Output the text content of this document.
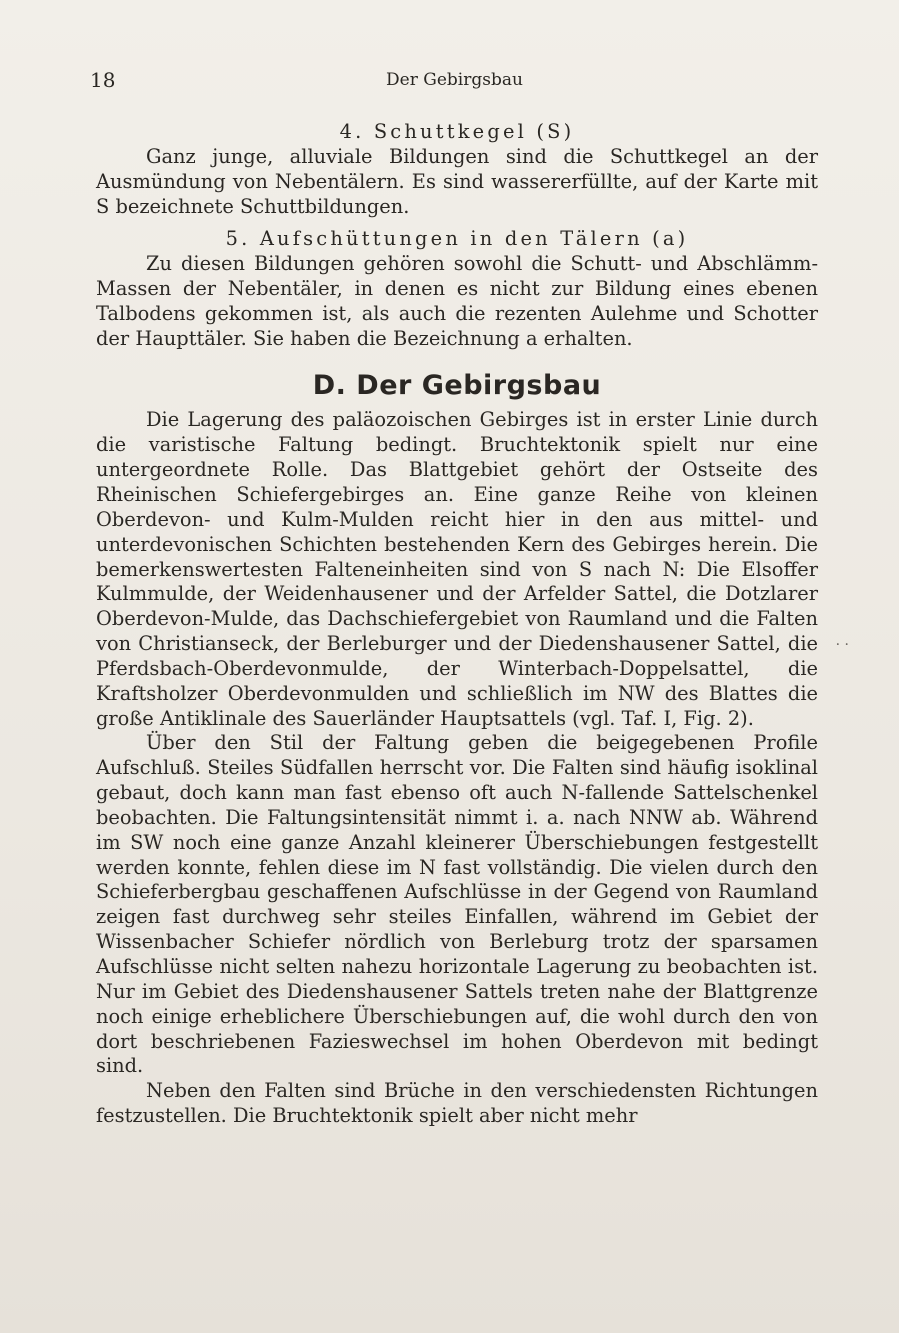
18	Der Gebirgsbau

4. Schuttkegel (S)

Ganz junge, alluviale Bildungen sind die Schuttkegel an der Ausmündung von Nebentälern. Es sind wassererfüllte, auf der Karte mit S bezeichnete Schuttbildungen.

5. Aufschüttungen in den Tälern (a)

Zu diesen Bildungen gehören sowohl die Schutt- und Abschlämm-Massen der Nebentäler, in denen es nicht zur Bildung eines ebenen Talbodens gekommen ist, als auch die rezenten Aulehme und Schotter der Haupttäler. Sie haben die Bezeichnung a erhalten.

D. Der Gebirgsbau

Die Lagerung des paläozoischen Gebirges ist in erster Linie durch die varistische Faltung bedingt. Bruchtektonik spielt nur eine untergeordnete Rolle. Das Blattgebiet gehört der Ostseite des Rheinischen Schiefergebirges an. Eine ganze Reihe von kleinen Oberdevon- und Kulm-Mulden reicht hier in den aus mittel- und unterdevonischen Schichten bestehenden Kern des Gebirges herein. Die bemerkenswertesten Falteneinheiten sind von S nach N: Die Elsoffer Kulmmulde, der Weidenhausener und der Arfelder Sattel, die Dotzlarer Oberdevon-Mulde, das Dachschiefergebiet von Raumland und die Falten von Christianseck, der Berleburger und der Diedenshausener Sattel, die Pferdsbach-Oberdevonmulde, der Winterbach-Doppelsattel, die Kraftsholzer Oberdevonmulden und schließlich im NW des Blattes die große Antiklinale des Sauerländer Hauptsattels (vgl. Taf. I, Fig. 2).

Über den Stil der Faltung geben die beigegebenen Profile Aufschluß. Steiles Südfallen herrscht vor. Die Falten sind häufig isoklinal gebaut, doch kann man fast ebenso oft auch N-fallende Sattelschenkel beobachten. Die Faltungsintensität nimmt i. a. nach NNW ab. Während im SW noch eine ganze Anzahl kleinerer Überschiebungen festgestellt werden konnte, fehlen diese im N fast vollständig. Die vielen durch den Schieferbergbau geschaffenen Aufschlüsse in der Gegend von Raumland zeigen fast durchweg sehr steiles Einfallen, während im Gebiet der Wissenbacher Schiefer nördlich von Berleburg trotz der sparsamen Aufschlüsse nicht selten nahezu horizontale Lagerung zu beobachten ist. Nur im Gebiet des Diedenshausener Sattels treten nahe der Blattgrenze noch einige erheblichere Überschiebungen auf, die wohl durch den von dort beschriebenen Fazieswechsel im hohen Oberdevon mit bedingt sind.

Neben den Falten sind Brüche in den verschiedensten Richtungen festzustellen. Die Bruchtektonik spielt aber nicht mehr

· ·
